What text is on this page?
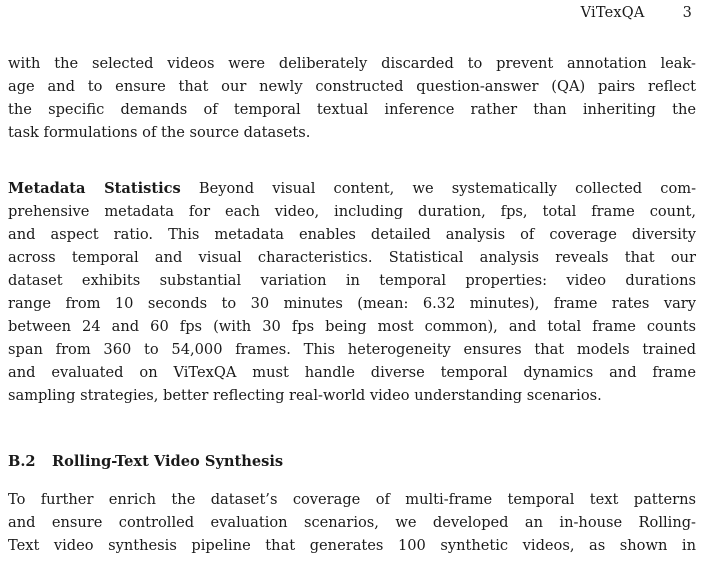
ViTexQA	3
with the selected videos were deliberately discarded to prevent annotation leak-
age and to ensure that our newly constructed question-answer (QA) pairs reflect
the specific demands of temporal textual inference rather than inheriting the
task formulations of the source datasets.
Metadata Statistics Beyond visual content, we systematically collected com-
prehensive metadata for each video, including duration, fps, total frame count,
and aspect ratio. This metadata enables detailed analysis of coverage diversity
across temporal and visual characteristics. Statistical analysis reveals that our
dataset exhibits substantial variation in temporal properties: video durations
range from 10 seconds to 30 minutes (mean: 6.32 minutes), frame rates vary
between 24 and 60 fps (with 30 fps being most common), and total frame counts
span from 360 to 54,000 frames. This heterogeneity ensures that models trained
and evaluated on ViTexQA must handle diverse temporal dynamics and frame
sampling strategies, better reflecting real-world video understanding scenarios.
B.2 Rolling-Text Video Synthesis
To further enrich the dataset’s coverage of multi-frame temporal text patterns
and ensure controlled evaluation scenarios, we developed an in-house Rolling-
Text video synthesis pipeline that generates 100 synthetic videos, as shown in
